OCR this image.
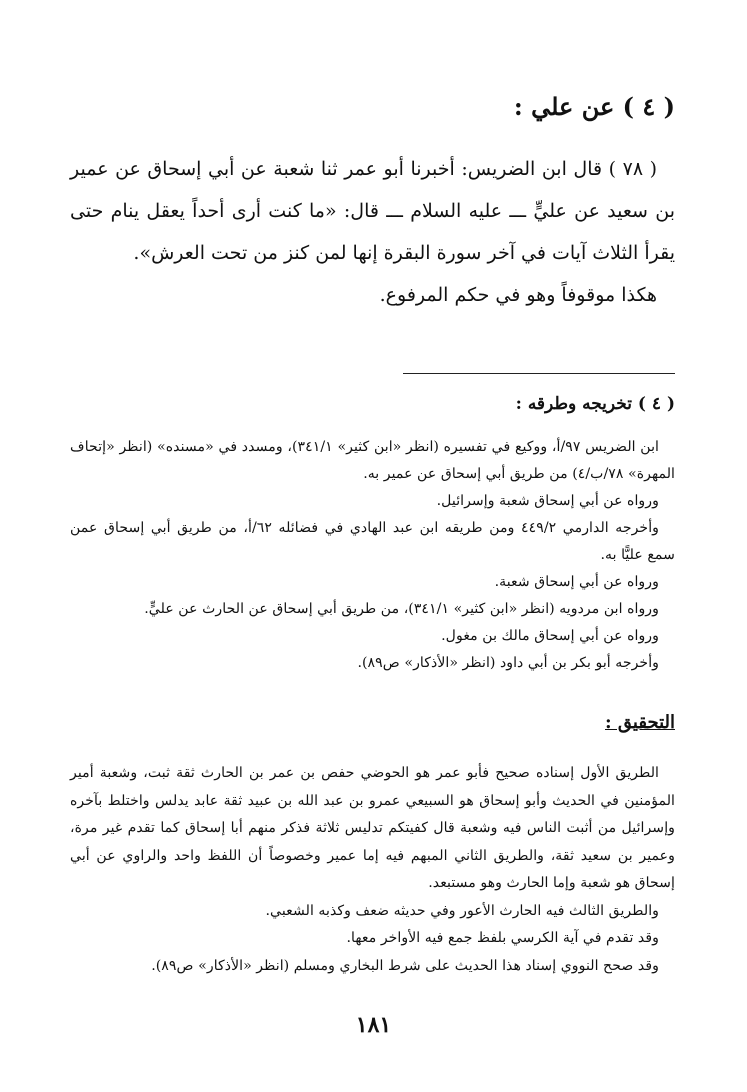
( ٤ ) عن علي :

( ٧٨ ) قال ابن الضريس: أخبرنا أبو عمر ثنا شعبة عن أبي إسحاق عن عمير بن سعيد عن عليٍّ ـــ عليه السلام ـــ قال: «ما كنت أرى أحداً يعقل ينام حتى يقرأ الثلاث آيات في آخر سورة البقرة إنها لمن كنز من تحت العرش».

هكذا موقوفاً وهو في حكم المرفوع.

( ٤ ) تخريجه وطرقه :

ابن الضريس ٩٧/أ، ووكيع في تفسيره (انظر «ابن كثير» ٣٤١/١)، ومسدد في «مسنده» (انظر «إتحاف المهرة» ٧٨/ب/٤) من طريق أبي إسحاق عن عمير به.

ورواه عن أبي إسحاق شعبة وإسرائيل.

وأخرجه الدارمي ٤٤٩/٢ ومن طريقه ابن عبد الهادي في فضائله ٦٢/أ، من طريق أبي إسحاق عمن سمع عليًّا به.

ورواه عن أبي إسحاق شعبة.

ورواه ابن مردويه (انظر «ابن كثير» ٣٤١/١)، من طريق أبي إسحاق عن الحارث عن عليٍّ.

ورواه عن أبي إسحاق مالك بن مغول.

وأخرجه أبو بكر بن أبي داود (انظر «الأذكار» ص٨٩).

التحقيق :

الطريق الأول إسناده صحيح فأبو عمر هو الحوضي حفص بن عمر بن الحارث ثقة ثبت، وشعبة أمير المؤمنين في الحديث وأبو إسحاق هو السبيعي عمرو بن عبد الله بن عبيد ثقة عابد يدلس واختلط بآخره وإسرائيل من أثبت الناس فيه وشعبة قال كفيتكم تدليس ثلاثة فذكر منهم أبا إسحاق كما تقدم غير مرة، وعمير بن سعيد ثقة، والطريق الثاني المبهم فيه إما عمير وخصوصاً أن اللفظ واحد والراوي عن أبي إسحاق هو شعبة وإما الحارث وهو مستبعد.

والطريق الثالث فيه الحارث الأعور وفي حديثه ضعف وكذبه الشعبي.

وقد تقدم في آية الكرسي بلفظ جمع فيه الأواخر معها.

وقد صحح النووي إسناد هذا الحديث على شرط البخاري ومسلم (انظر «الأذكار» ص٨٩).

١٨١
